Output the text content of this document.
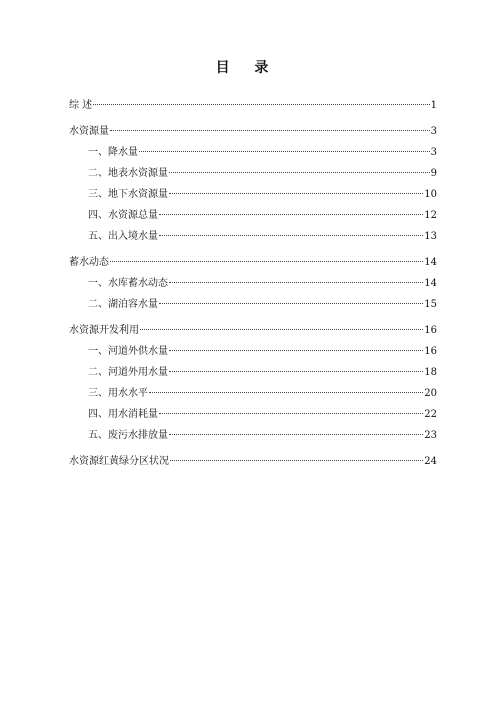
目 录
综 述	1
水资源量	3
一、降水量	3
二、地表水资源量	9
三、地下水资源量	10
四、水资源总量	12
五、出入境水量	13
蓄水动态	14
一、水库蓄水动态	14
二、湖泊容水量	15
水资源开发利用	16
一、河道外供水量	16
二、河道外用水量	18
三、用水水平	20
四、用水消耗量	22
五、废污水排放量	23
水资源红黄绿分区状况	24
